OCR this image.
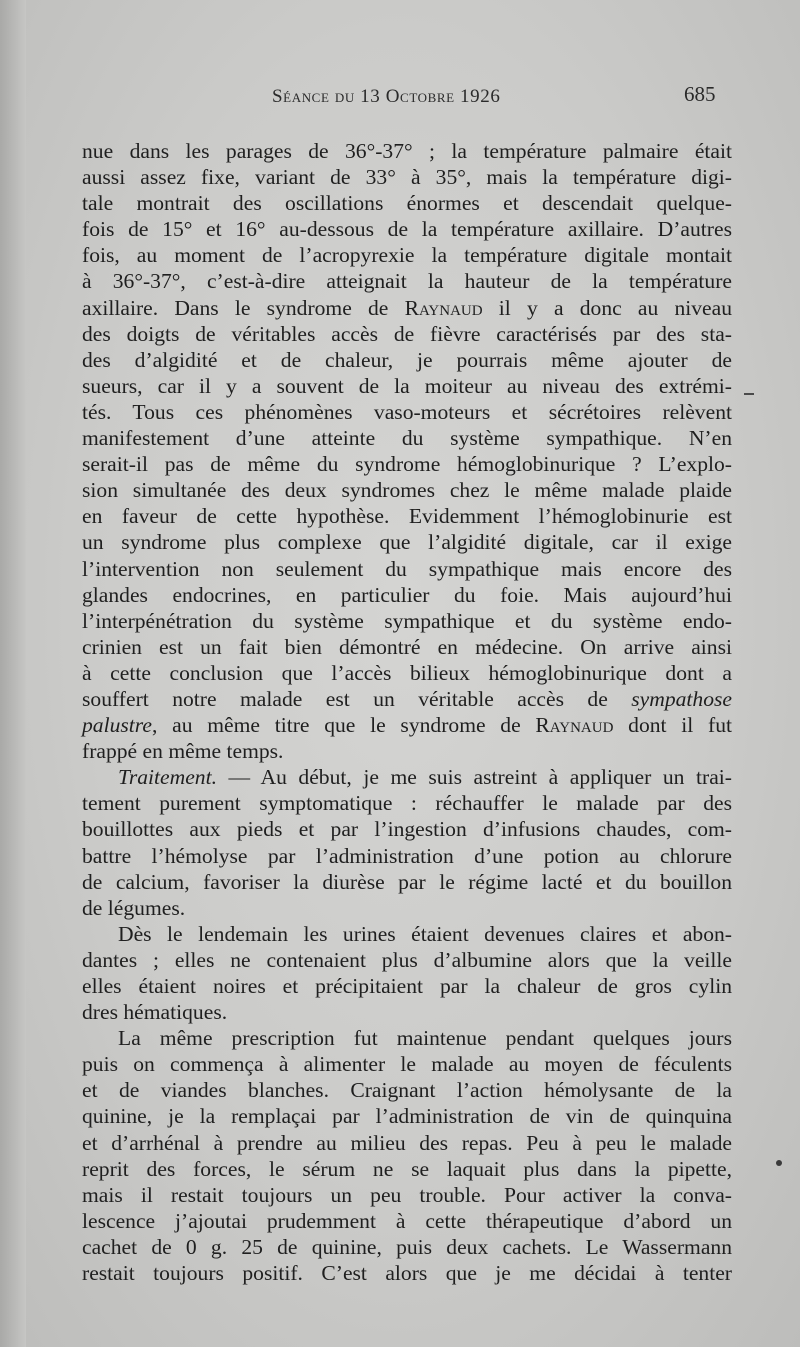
Séance du 13 Octobre 1926	685
nue dans les parages de 36°-37° ; la température palmaire était
aussi assez fixe, variant de 33° à 35°, mais la température digi-
tale montrait des oscillations énormes et descendait quelque-
fois de 15° et 16° au-dessous de la température axillaire. D’autres
fois, au moment de l’acropyrexie la température digitale montait
à 36°-37°, c’est-à-dire atteignait la hauteur de la température
axillaire. Dans le syndrome de Raynaud il y a donc au niveau
des doigts de véritables accès de fièvre caractérisés par des sta-
des d’algidité et de chaleur, je pourrais même ajouter de
sueurs, car il y a souvent de la moiteur au niveau des extrémi-
tés. Tous ces phénomènes vaso-moteurs et sécrétoires relèvent
manifestement d’une atteinte du système sympathique. N’en
serait-il pas de même du syndrome hémoglobinurique ? L’explo-
sion simultanée des deux syndromes chez le même malade plaide
en faveur de cette hypothèse. Evidemment l’hémoglobinurie est
un syndrome plus complexe que l’algidité digitale, car il exige
l’intervention non seulement du sympathique mais encore des
glandes endocrines, en particulier du foie. Mais aujourd’hui
l’interpénétration du système sympathique et du système endo-
crinien est un fait bien démontré en médecine. On arrive ainsi
à cette conclusion que l’accès bilieux hémoglobinurique dont a
souffert notre malade est un véritable accès de sympathose
palustre, au même titre que le syndrome de Raynaud dont il fut
frappé en même temps.
Traitement. — Au début, je me suis astreint à appliquer un trai-
tement purement symptomatique : réchauffer le malade par des
bouillottes aux pieds et par l’ingestion d’infusions chaudes, com-
battre l’hémolyse par l’administration d’une potion au chlorure
de calcium, favoriser la diurèse par le régime lacté et du bouillon
de légumes.
Dès le lendemain les urines étaient devenues claires et abon-
dantes ; elles ne contenaient plus d’albumine alors que la veille
elles étaient noires et précipitaient par la chaleur de gros cylin
dres hématiques.
La même prescription fut maintenue pendant quelques jours
puis on commença à alimenter le malade au moyen de féculents
et de viandes blanches. Craignant l’action hémolysante de la
quinine, je la remplaçai par l’administration de vin de quinquina
et d’arrhénal à prendre au milieu des repas. Peu à peu le malade
reprit des forces, le sérum ne se laquait plus dans la pipette,
mais il restait toujours un peu trouble. Pour activer la conva-
lescence j’ajoutai prudemment à cette thérapeutique d’abord un
cachet de 0 g. 25 de quinine, puis deux cachets. Le Wassermann
restait toujours positif. C’est alors que je me décidai à tenter
